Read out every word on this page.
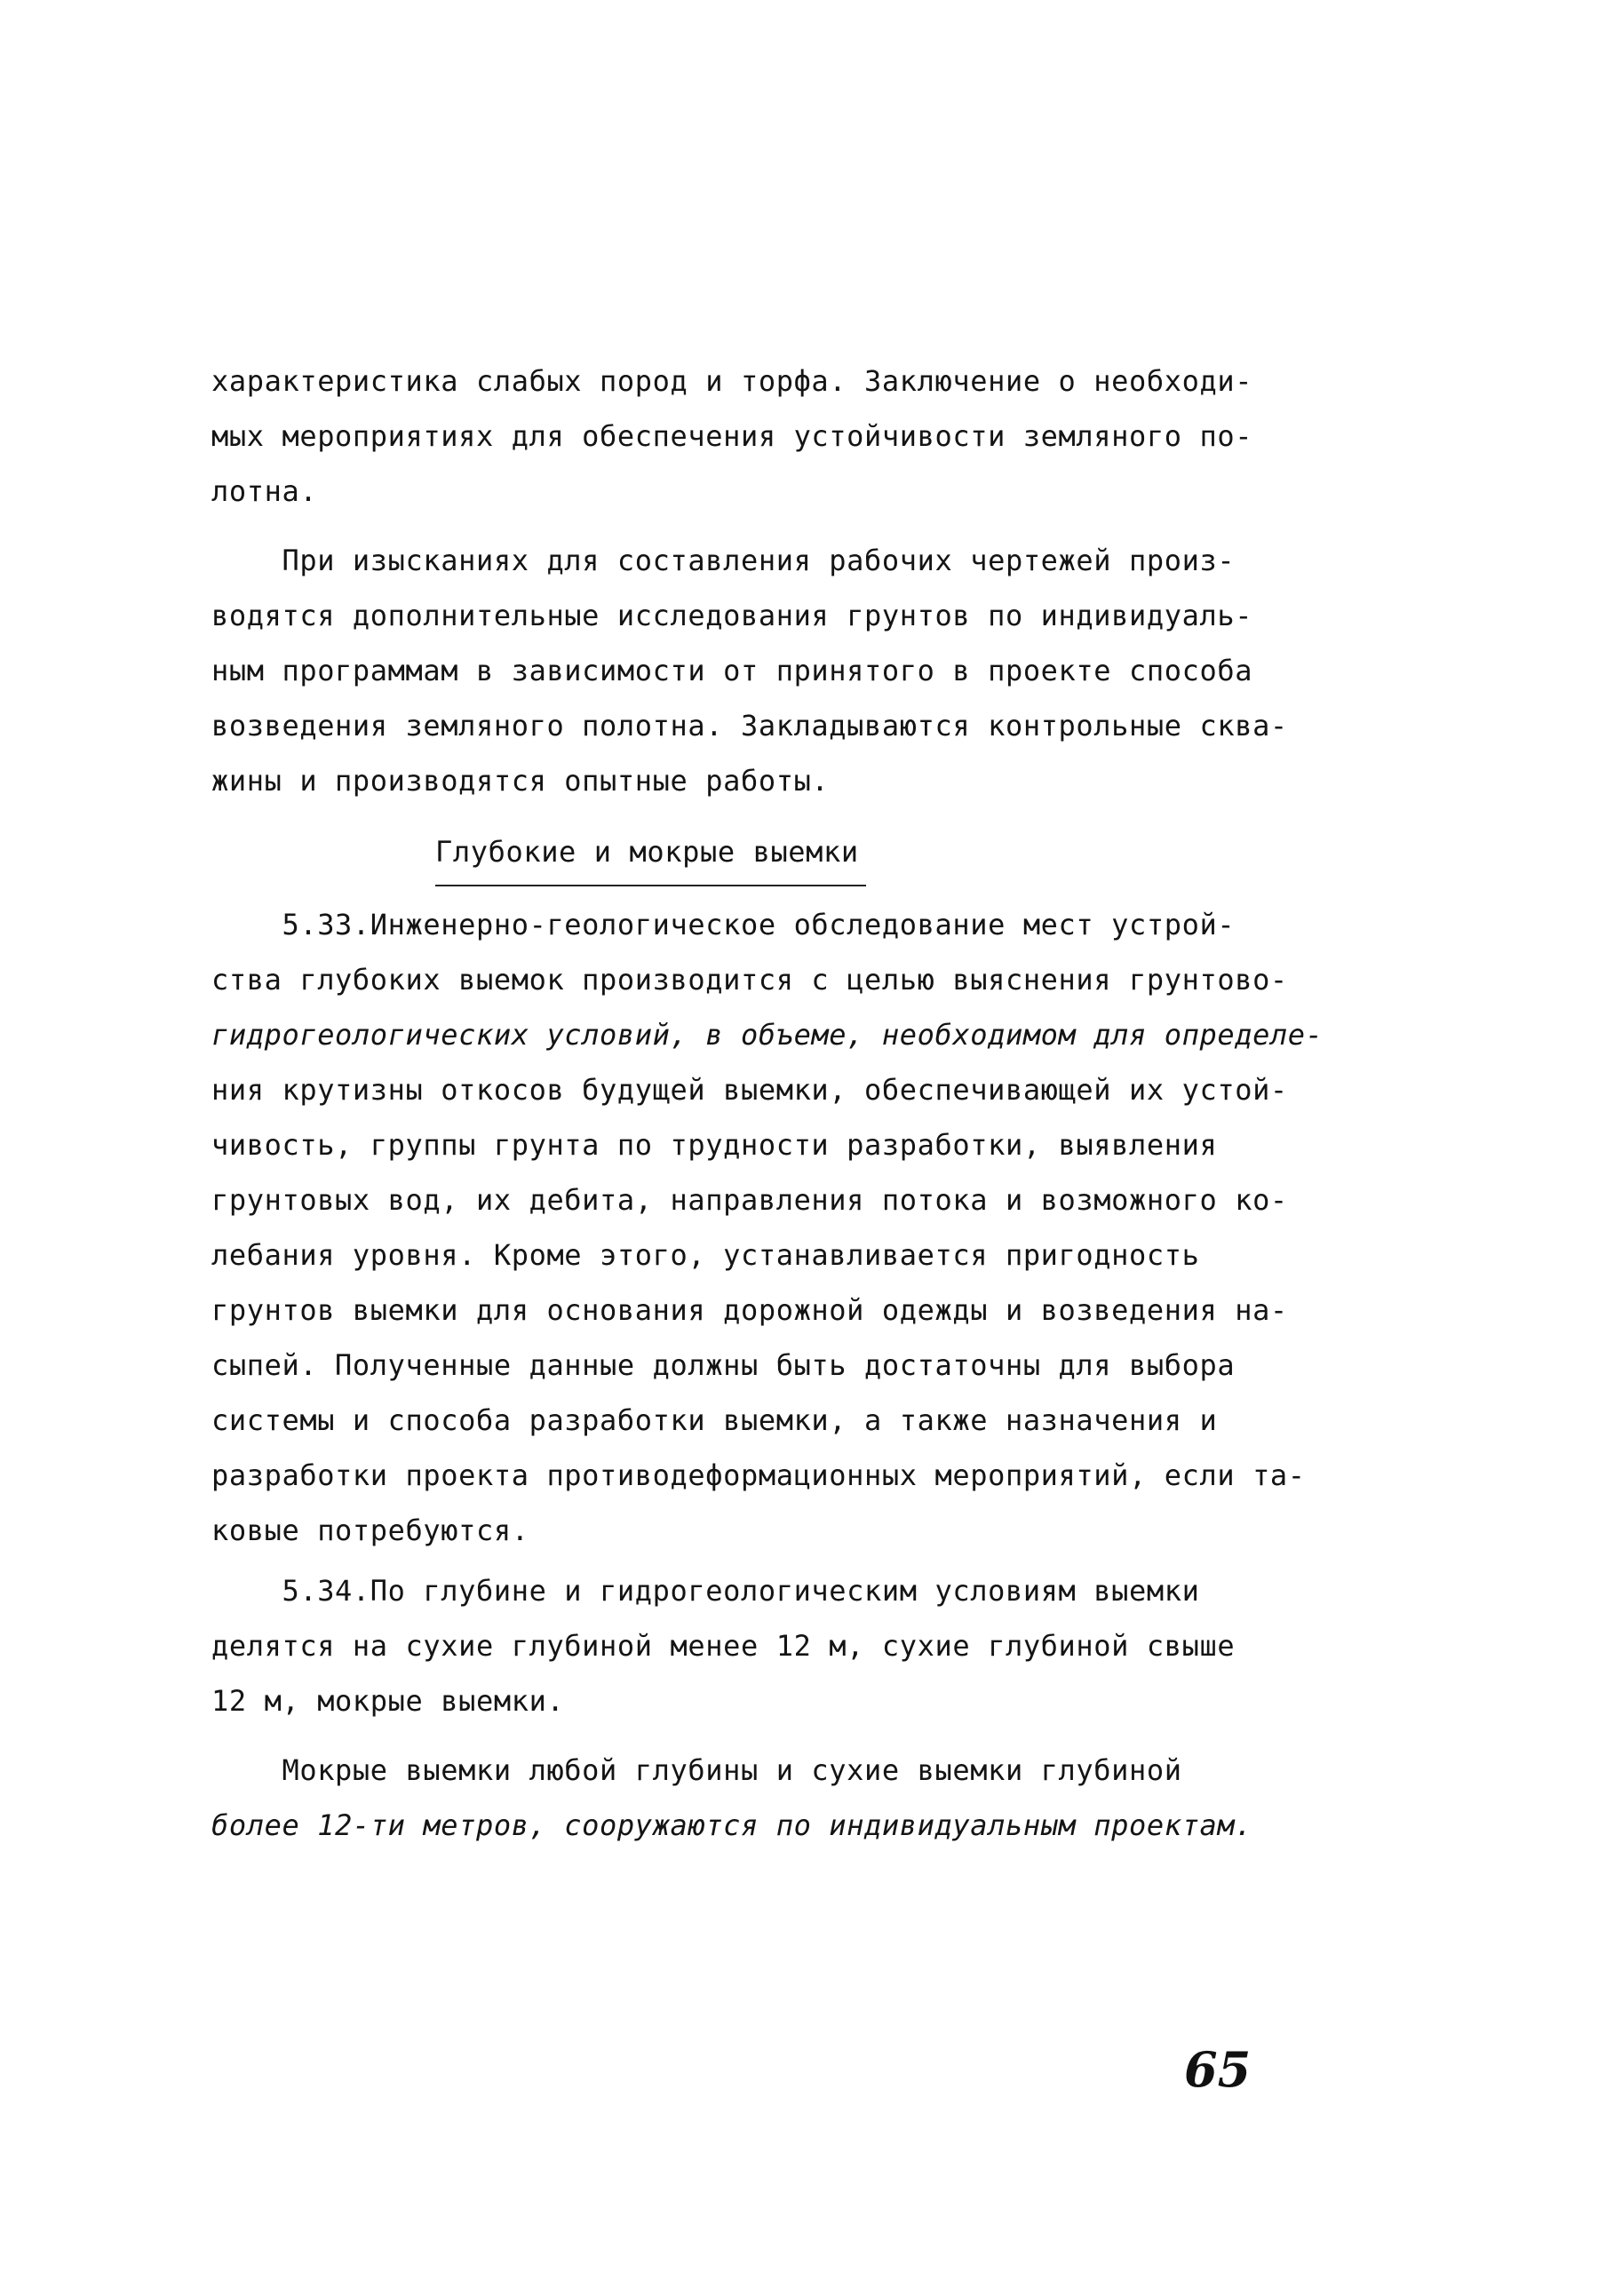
характеристика слабых пород и торфа. Заключение о необходи-
мых мероприятиях для обеспечения устойчивости земляного по-
лотна.
При изысканиях для составления рабочих чертежей произ-
водятся дополнительные исследования грунтов по индивидуаль-
ным программам в зависимости от принятого в проекте способа
возведения земляного полотна. Закладываются контрольные сква-
жины и производятся опытные работы.
Глубокие и мокрые выемки
5.33.Инженерно-геологическое обследование мест устрой-
ства глубоких выемок производится с целью выяснения грунтово-
гидрогеологических условий, в объеме, необходимом для определе-
ния крутизны откосов будущей выемки, обеспечивающей их устой-
чивость, группы грунта по трудности разработки, выявления
грунтовых вод, их дебита, направления потока и возможного ко-
лебания уровня. Кроме этого, устанавливается пригодность
грунтов выемки для основания дорожной одежды и возведения на-
сыпей. Полученные данные должны быть достаточны для выбора
системы и способа разработки выемки, а также назначения и
разработки проекта противодеформационных мероприятий, если та-
ковые потребуются.
5.34.По глубине и гидрогеологическим условиям выемки
делятся на сухие глубиной менее 12 м, сухие глубиной свыше
12 м, мокрые выемки.
Мокрые выемки любой глубины и сухие выемки глубиной
более 12-ти метров, сооружаются по индивидуальным проектам.
65
